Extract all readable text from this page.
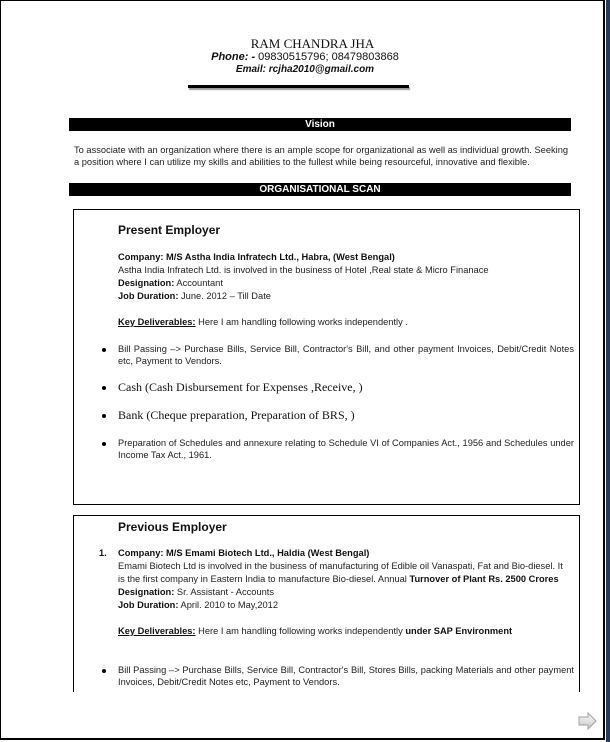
RAM CHANDRA JHA
Phone: - 09830515796; 08479803868
Email: rcjha2010@gmail.com
Vision
To associate with an organization where there is an ample scope for organizational as well as individual growth. Seeking a position where I can utilize my skills and abilities to the fullest while being resourceful, innovative and flexible.
ORGANISATIONAL SCAN
Present Employer
Company: M/S Astha India Infratech Ltd., Habra, (West Bengal)
Astha India Infratech Ltd. is involved in the business of Hotel ,Real state & Micro Finanace
Designation: Accountant
Job Duration: June. 2012 – Till Date
Key Deliverables: Here I am handling following works independently .
Bill Passing –> Purchase Bills, Service Bill, Contractor's Bill, and other payment Invoices, Debit/Credit Notes etc, Payment to Vendors.
Cash (Cash Disbursement for Expenses ,Receive, )
Bank (Cheque preparation, Preparation of BRS, )
Preparation of Schedules and annexure relating to Schedule VI of Companies Act., 1956 and Schedules under Income Tax Act., 1961.
Previous Employer
1. Company: M/S Emami Biotech Ltd., Haldia (West Bengal)
Emami Biotech Ltd is involved in the business of manufacturing of Edible oil Vanaspati, Fat and Bio-diesel. It
is the first company in Eastern India to manufacture Bio-diesel. Annual Turnover of Plant Rs. 2500 Crores
Designation: Sr. Assistant - Accounts
Job Duration: April. 2010 to May,2012
Key Deliverables: Here I am handling following works independently under SAP Environment
Bill Passing –> Purchase Bills, Service Bill, Contractor's Bill, Stores Bills, packing Materials and other payment Invoices, Debit/Credit Notes etc, Payment to Vendors.
